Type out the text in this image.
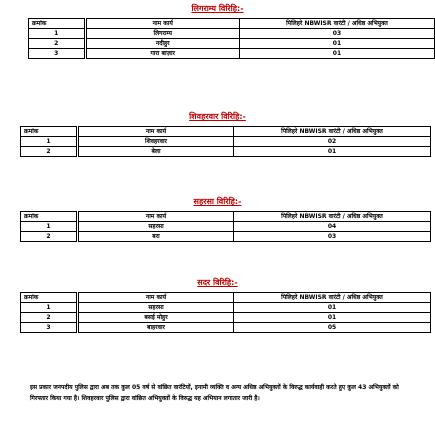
लिगराम्य विरिहि:-
क्रमांक	नाम कार्य	पिलिहरे NBWISR वारंटी / अधिष्ठ अभियुक्त
1	लिगराम्य	03
2	नदीहुर	01
3	गारा बाज़ार	01
शिवहरवार विरिहि:-
क्रमांक	नाम कार्य	पिलिहरे NBWISR वारंटी / अधिष्ठ अभियुक्त
1	शिवहरवार	02
2	बेला	01
सहरसा विरिहि:-
क्रमांक	नाम कार्य	पिलिहरे NBWISR वारंटी / अधिष्ठ अभियुक्त
1	सहरसा	04
2	बरा	03
सदर विरिहि:-
क्रमांक	नाम कार्य	पिलिहरे NBWISR वारंटी / अधिष्ठ अभियुक्त
1	सहरसा	01
2	बसई मोहुर	01
3	बाहरवार	05

इस प्रकार जनपदीय पुलिस द्वारा अब तक कुल 05 वर्ष से वांछित वारंटियों, इनामी व्यक्ति व अन्य अधिष्ठ अभियुक्तों के विरुद्ध कार्यवाही करते हुए कुल 43 अभियुक्तों को गिरफ्तार किया गया है। शिवहरवार पुलिस द्वारा वांछित अभियुक्तों के विरुद्ध यह अभियान लगातार जारी है।
